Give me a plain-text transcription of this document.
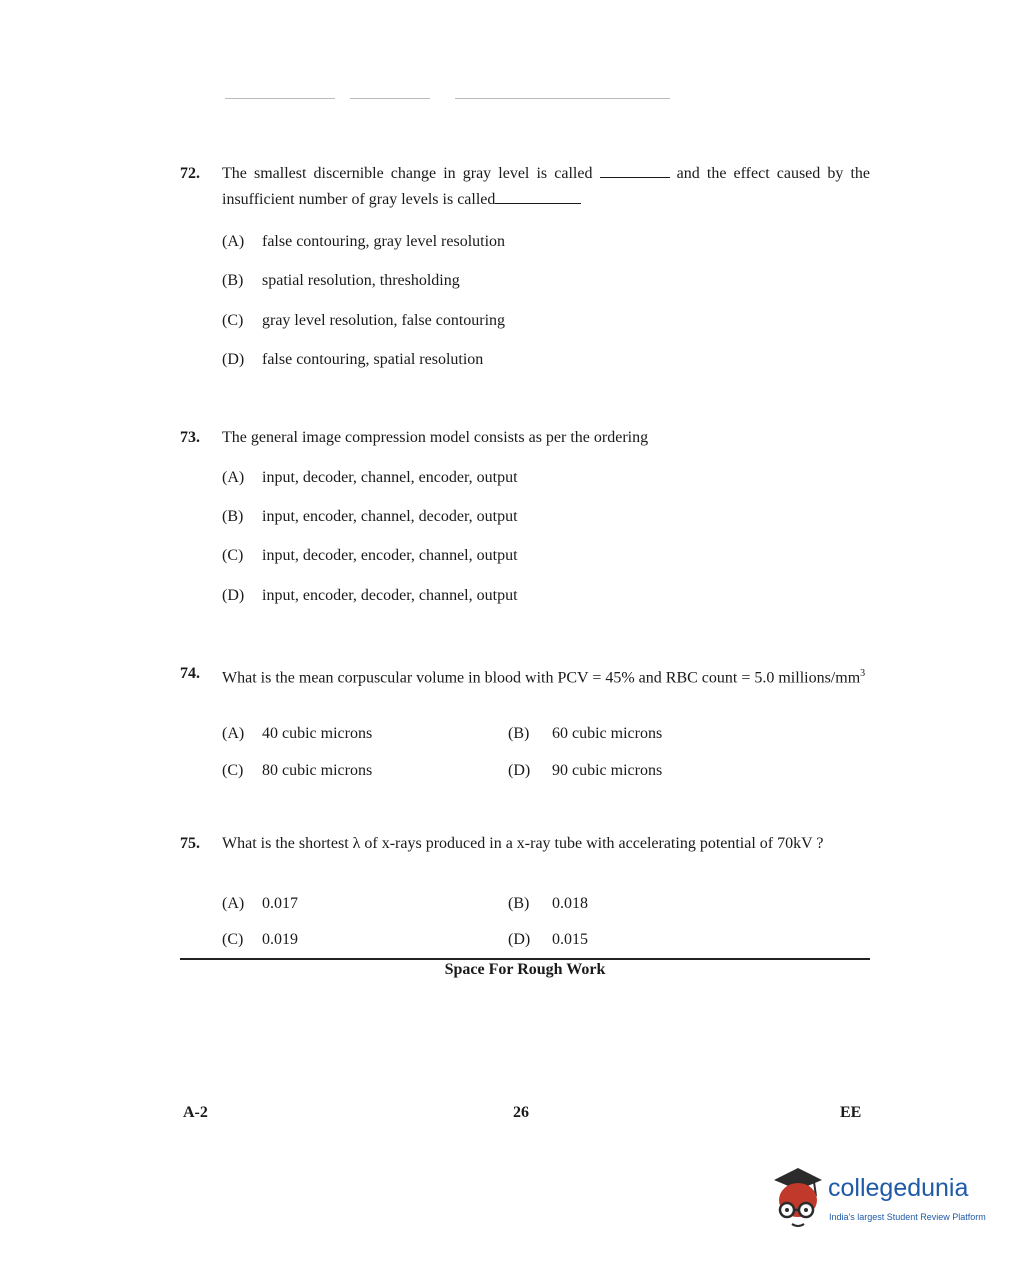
72. The smallest discernible change in gray level is called	and the effect caused by the insufficient number of gray levels is called
(A) false contouring, gray level resolution
(B) spatial resolution, thresholding
(C) gray level resolution, false contouring
(D) false contouring, spatial resolution
73. The general image compression model consists as per the ordering
(A) input, decoder, channel, encoder, output
(B) input, encoder, channel, decoder, output
(C) input, decoder, encoder, channel, output
(D) input, encoder, decoder, channel, output
74. What is the mean corpuscular volume in blood with PCV = 45% and RBC count = 5.0 millions/$mm^3$
(A) 40 cubic microns	(B) 60 cubic microns
(C) 80 cubic microns	(D) 90 cubic microns
75. What is the shortest λ of x-rays produced in a x-ray tube with accelerating potential of 70kV ?
(A) 0.017	(B) 0.018
(C) 0.019	(D) 0.015
Space For Rough Work
A-2	26	EE
collegedunia
India's largest Student Review Platform
